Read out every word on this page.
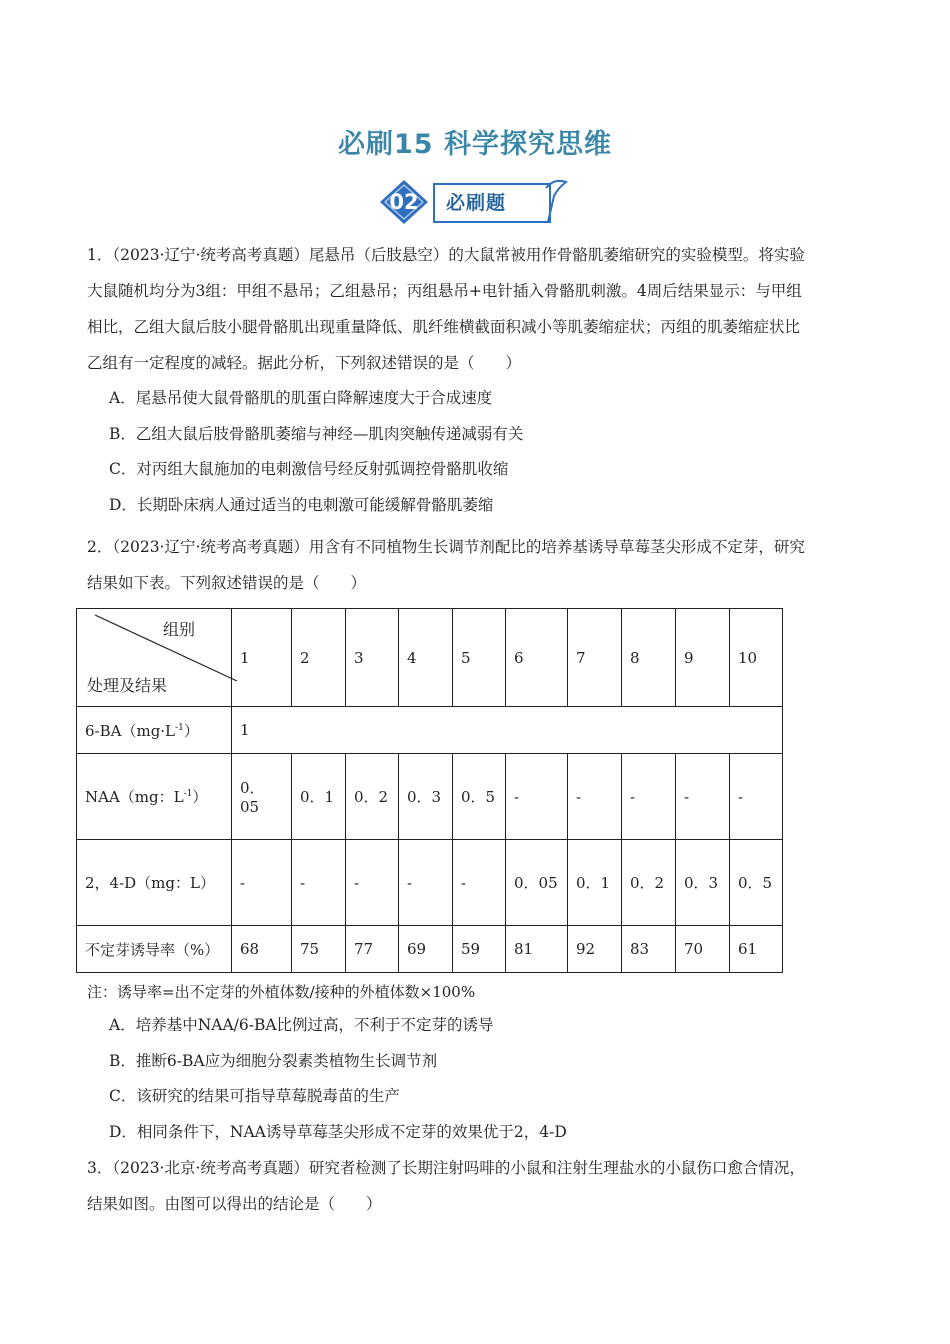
必刷15 科学探究思维
02 必刷题

1．（2023·辽宁·统考高考真题）尾悬吊（后肢悬空）的大鼠常被用作骨骼肌萎缩研究的实验模型。将实验

大鼠随机均分为3组：甲组不悬吊；乙组悬吊；丙组悬吊+电针插入骨骼肌刺激。4周后结果显示：与甲组

相比，乙组大鼠后肢小腿骨骼肌出现重量降低、肌纤维横截面积减小等肌萎缩症状；丙组的肌萎缩症状比

乙组有一定程度的减轻。据此分析，下列叙述错误的是（　　）

A．尾悬吊使大鼠骨骼肌的肌蛋白降解速度大于合成速度

B．乙组大鼠后肢骨骼肌萎缩与神经—肌肉突触传递减弱有关

C．对丙组大鼠施加的电刺激信号经反射弧调控骨骼肌收缩

D．长期卧床病人通过适当的电刺激可能缓解骨骼肌萎缩

2．（2023·辽宁·统考高考真题）用含有不同植物生长调节剂配比的培养基诱导草莓茎尖形成不定芽，研究

结果如下表。下列叙述错误的是（　　）

组别
处理及结果	1	2	3	4	5	6	7	8	9	10
$6-BA(mg\cdot L^{-1})$	1									
NAA（mg：$L^{-1}$）	0．05	0．1	0．2	0．3	0．5	-	-	-	-	-
2，4-D（mg：L）	-	-	-	-	-	0．05	0．1	0．2	0．3	0．5
不定芽诱导率（%）	68	75	77	69	59	81	92	83	70	61
注：诱导率=出不定芽的外植体数/接种的外植体数×100%

A．培养基中NAA/6-BA比例过高，不利于不定芽的诱导

B．推断6-BA应为细胞分裂素类植物生长调节剂

C．该研究的结果可指导草莓脱毒苗的生产

D．相同条件下，NAA诱导草莓茎尖形成不定芽的效果优于2，4-D

3．（2023·北京·统考高考真题）研究者检测了长期注射吗啡的小鼠和注射生理盐水的小鼠伤口愈合情况，

结果如图。由图可以得出的结论是（　　）
